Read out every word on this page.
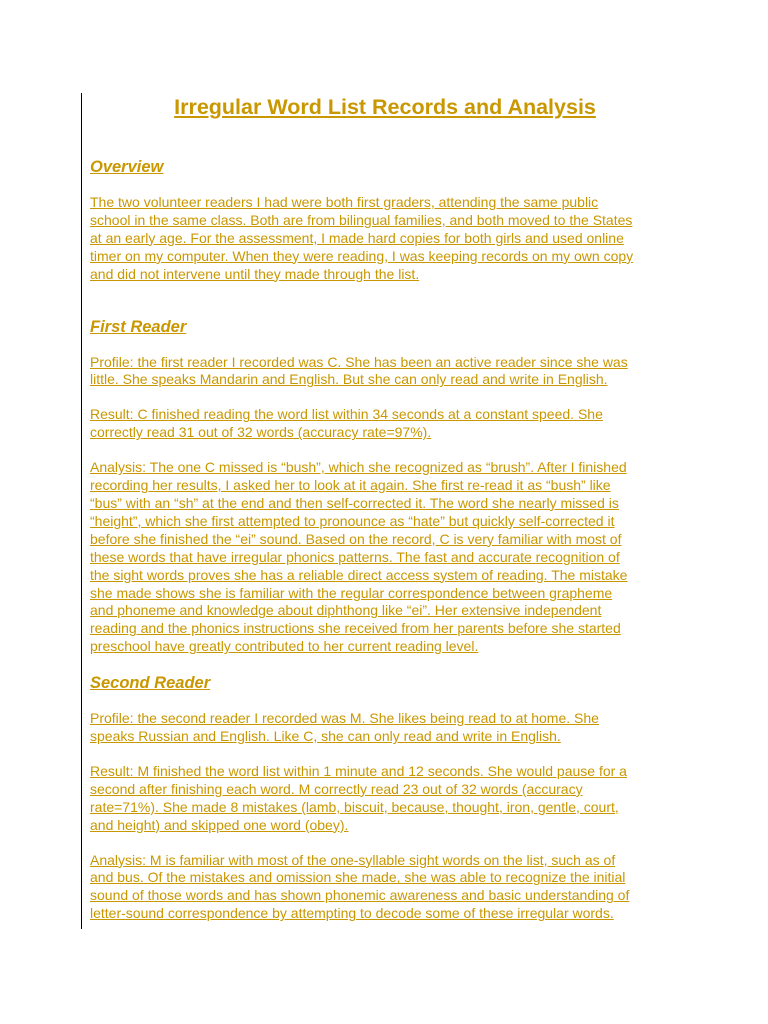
Irregular Word List Records and Analysis
Overview

The two volunteer readers I had were both first graders, attending the same public
school in the same class. Both are from bilingual families, and both moved to the States
at an early age. For the assessment, I made hard copies for both girls and used online
timer on my computer. When they were reading, I was keeping records on my own copy
and did not intervene until they made through the list.

First Reader

Profile: the first reader I recorded was C. She has been an active reader since she was
little. She speaks Mandarin and English. But she can only read and write in English.

Result: C finished reading the word list within 34 seconds at a constant speed. She
correctly read 31 out of 32 words (accuracy rate=97%).

Analysis: The one C missed is “bush”, which she recognized as “brush”. After I finished
recording her results, I asked her to look at it again. She first re-read it as “bush” like
“bus” with an “sh” at the end and then self-corrected it. The word she nearly missed is
“height”, which she first attempted to pronounce as “hate” but quickly self-corrected it
before she finished the “ei” sound. Based on the record, C is very familiar with most of
these words that have irregular phonics patterns. The fast and accurate recognition of
the sight words proves she has a reliable direct access system of reading. The mistake
she made shows she is familiar with the regular correspondence between grapheme
and phoneme and knowledge about diphthong like “ei”. Her extensive independent
reading and the phonics instructions she received from her parents before she started
preschool have greatly contributed to her current reading level.

Second Reader

Profile: the second reader I recorded was M. She likes being read to at home. She
speaks Russian and English. Like C, she can only read and write in English.

Result: M finished the word list within 1 minute and 12 seconds. She would pause for a
second after finishing each word. M correctly read 23 out of 32 words (accuracy
rate=71%). She made 8 mistakes (lamb, biscuit, because, thought, iron, gentle, court,
and height) and skipped one word (obey).

Analysis: M is familiar with most of the one-syllable sight words on the list, such as of
and bus. Of the mistakes and omission she made, she was able to recognize the initial
sound of those words and has shown phonemic awareness and basic understanding of
letter-sound correspondence by attempting to decode some of these irregular words.
